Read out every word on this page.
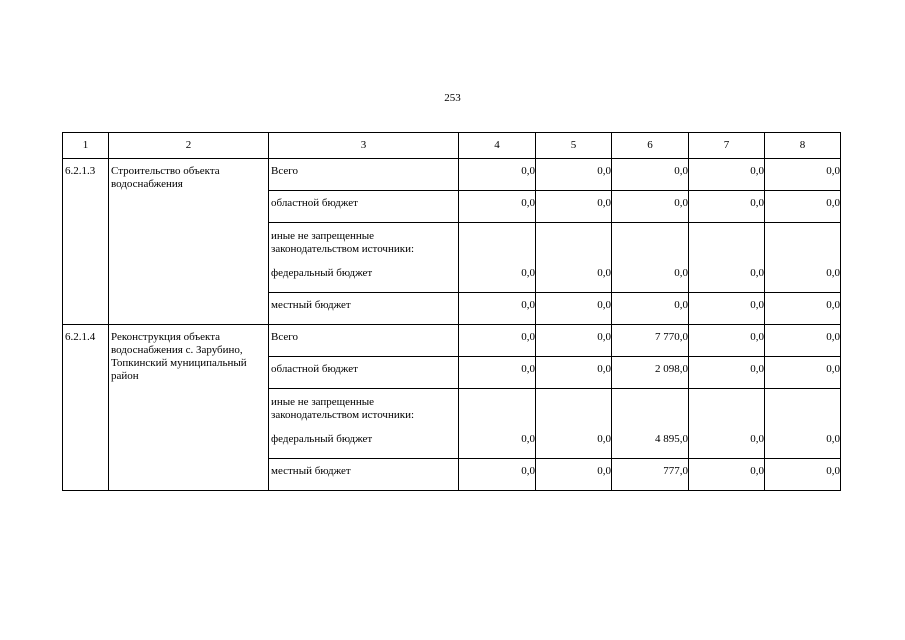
253
1	2	3	4	5	6	7	8
6.2.1.3	Строительство объекта водоснабжения	Всего	0,0	0,0	0,0	0,0	0,0
		областной бюджет	0,0	0,0	0,0	0,0	0,0
		иные не запрещенные законодательством источники:					
		федеральный бюджет	0,0	0,0	0,0	0,0	0,0
		местный бюджет	0,0	0,0	0,0	0,0	0,0
6.2.1.4	Реконструкция объекта водоснабжения с. Зарубино, Топкинский муниципальный район	Всего	0,0	0,0	7 770,0	0,0	0,0
		областной бюджет	0,0	0,0	2 098,0	0,0	0,0
		иные не запрещенные законодательством источники:					
		федеральный бюджет	0,0	0,0	4 895,0	0,0	0,0
		местный бюджет	0,0	0,0	777,0	0,0	0,0
